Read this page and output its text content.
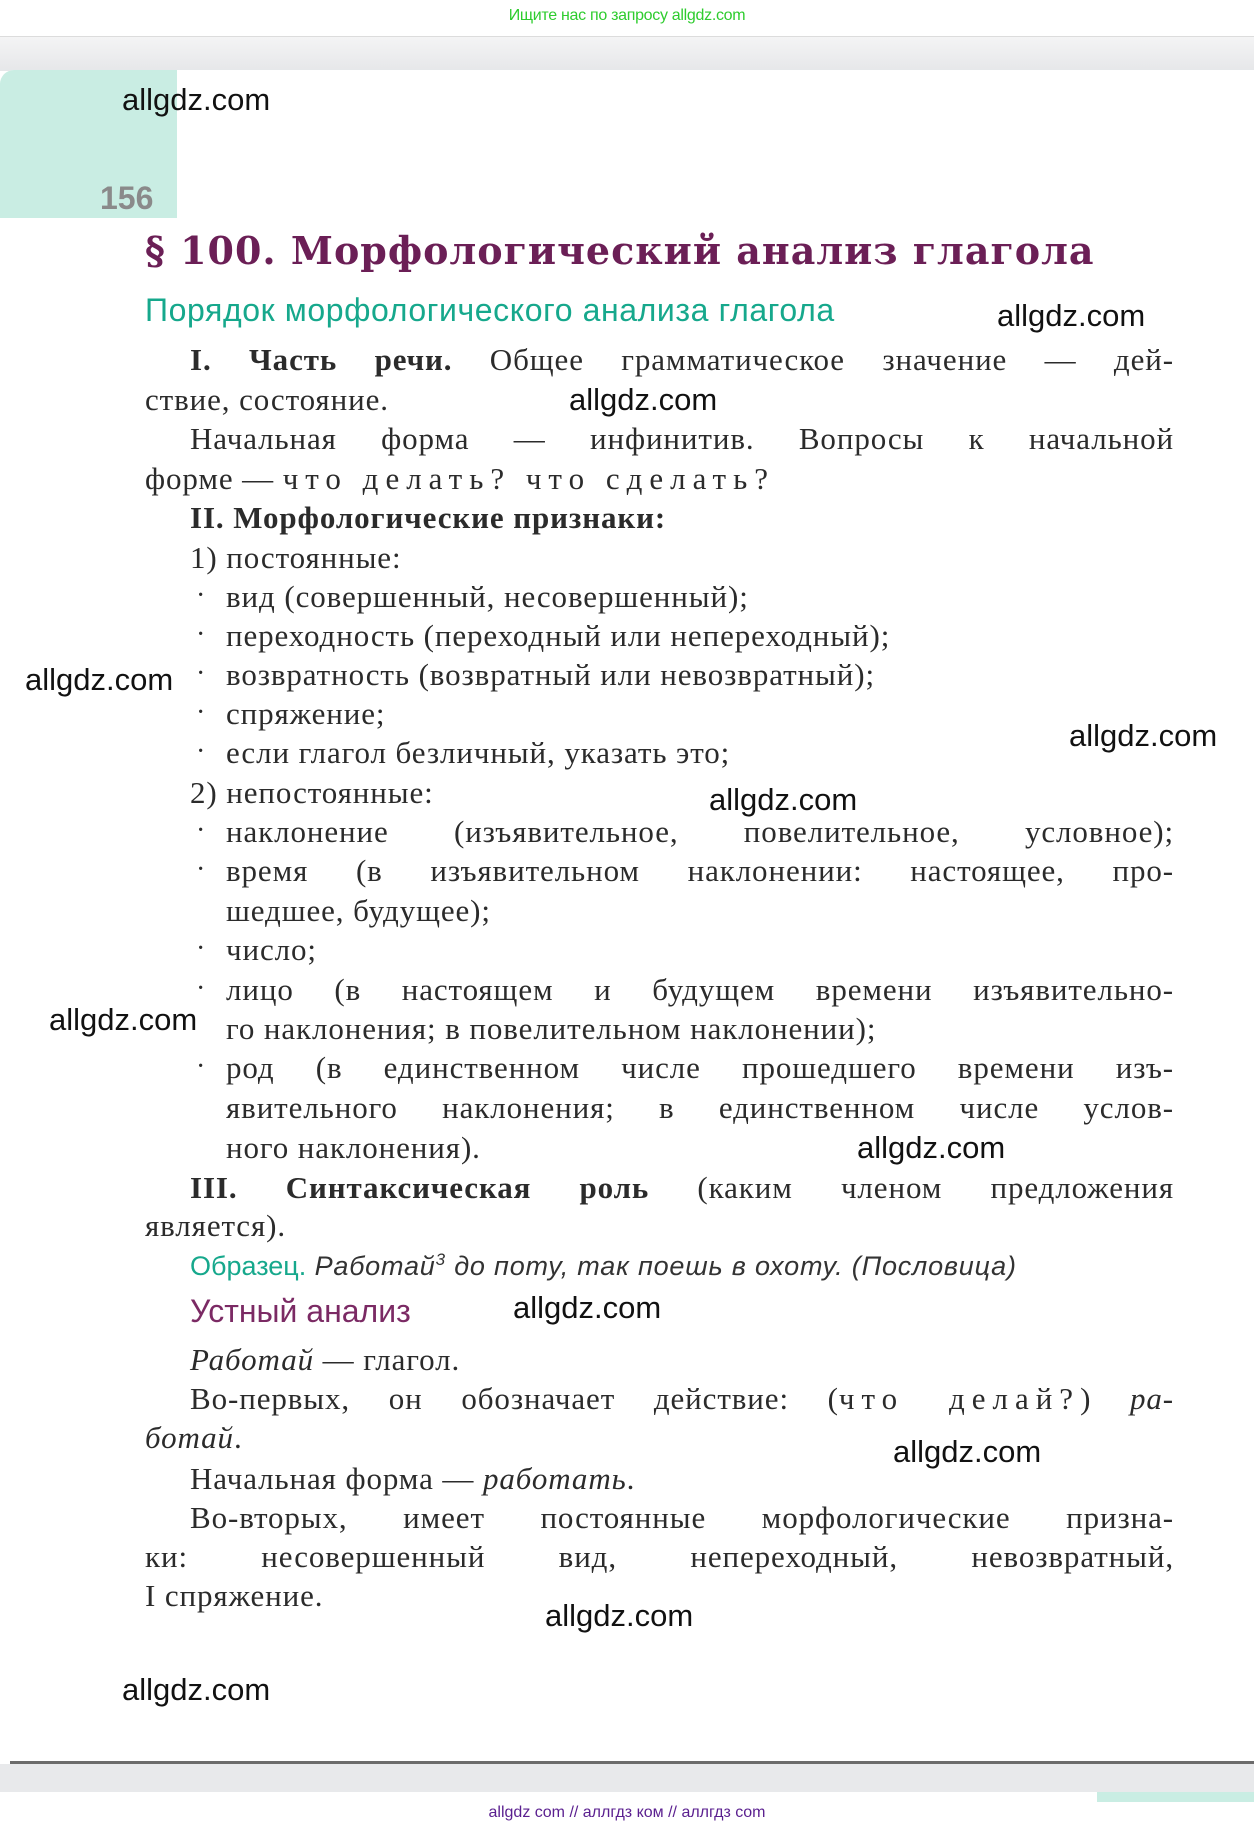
Ищите нас по запросу allgdz.com
156
§ 100. Морфологический анализ глагола
Порядок морфологического анализа глагола
I. Часть речи. Общее грамматическое значение — дей-
ствие, состояние.
Начальная форма — инфинитив. Вопросы к начальной
форме — что делать? что сделать?
II. Морфологические признаки:
1) постоянные:
· вид (совершенный, несовершенный);
· переходность (переходный или непереходный);
· возвратность (возвратный или невозвратный);
· спряжение;
· если глагол безличный, указать это;
2) непостоянные:
· наклонение (изъявительное, повелительное, условное);
· время (в изъявительном наклонении: настоящее, про-
шедшее, будущее);
· число;
· лицо (в настоящем и будущем времени изъявительно-
го наклонения; в повелительном наклонении);
· род (в единственном числе прошедшего времени изъ-
явительного наклонения; в единственном числе услов-
ного наклонения).
III. Синтаксическая роль (каким членом предложения
является).
Образец. Работай$^3$ до поту, так поешь в охоту. (Пословица)
Устный анализ
Работай — глагол.
Во-первых, он обозначает действие: (что делай?) ра-
ботай.
Начальная форма — работать.
Во-вторых, имеет постоянные морфологические призна-
ки: несовершенный вид, непереходный, невозвратный,
I спряжение.
allgdz.com
allgdz.com
allgdz.com
allgdz.com
allgdz.com
allgdz.com
allgdz.com
allgdz.com
allgdz.com
allgdz.com
allgdz.com
allgdz.com
allgdz com // аллгдз ком // аллгдз com
